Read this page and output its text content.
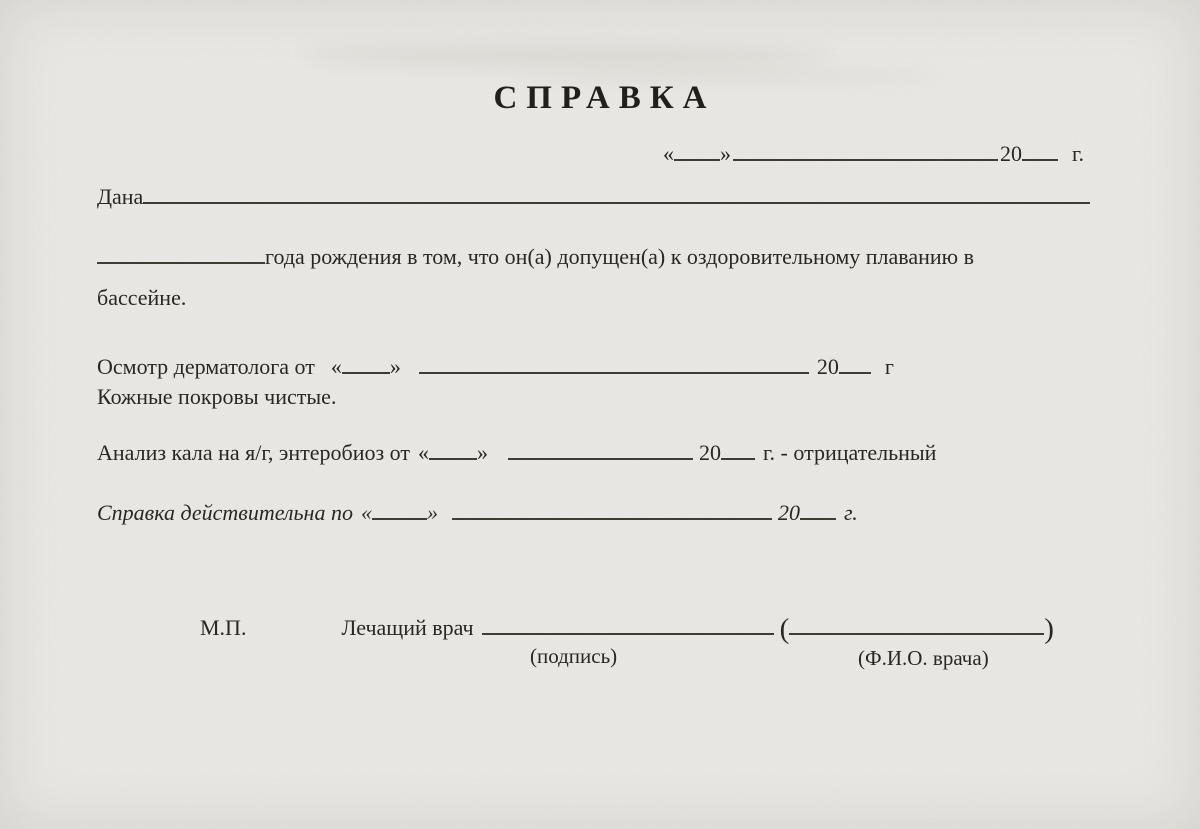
СПРАВКА
« »	20 г.
Дана
года рождения в том, что он(а) допущен(а) к оздоровительному плаванию в
бассейне.
Осмотр дерматолога от « »	20 г
Кожные покровы чистые.
Анализ кала на я/г, энтеробиоз от « »	20 г. - отрицательный
Справка действительна по «	»	20 г.
М.П.	Лечащий врач	(	)
(подпись)	(Ф.И.О. врача)
